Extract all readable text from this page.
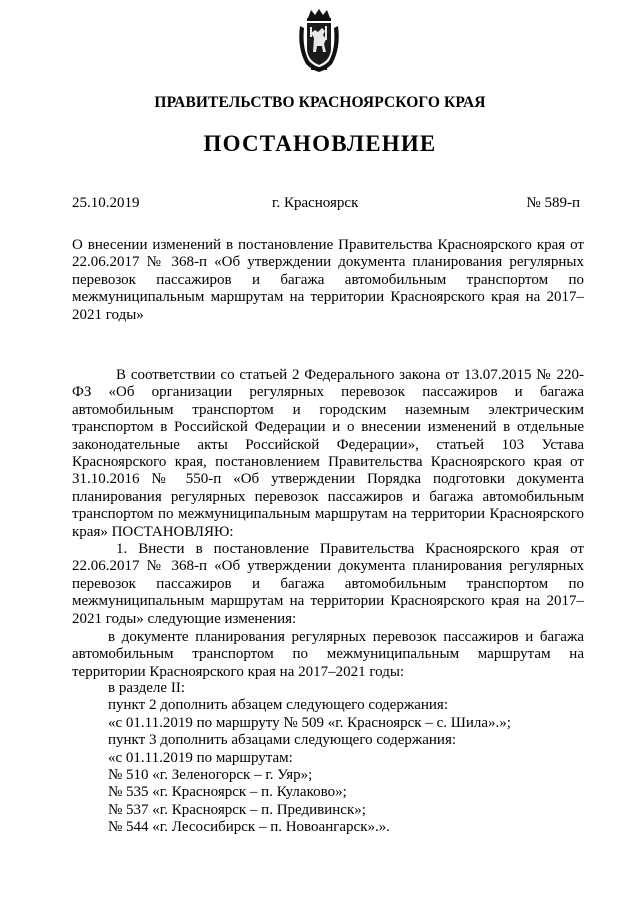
ПРАВИТЕЛЬСТВО КРАСНОЯРСКОГО КРАЯ
ПОСТАНОВЛЕНИЕ
25.10.2019	г. Красноярск	№ 589-п

О внесении изменений в постановление Правительства Красноярского края от 22.06.2017 № 368-п «Об утверждении документа планирования регулярных перевозок пассажиров и багажа автомобильным транспортом по межмуниципальным маршрутам на территории Красноярского края на 2017–2021 годы»

В соответствии со статьей 2 Федерального закона от 13.07.2015 № 220-ФЗ «Об организации регулярных перевозок пассажиров и багажа автомобильным транспортом и городским наземным электрическим транспортом в Российской Федерации и о внесении изменений в отдельные законодательные акты Российской Федерации», статьей 103 Устава Красноярского края, постановлением Правительства Красноярского края от 31.10.2016 № 550-п «Об утверждении Порядка подготовки документа планирования регулярных перевозок пассажиров и багажа автомобильным транспортом по межмуниципальным маршрутам на территории Красноярского края» ПОСТАНОВЛЯЮ:

1. Внести в постановление Правительства Красноярского края от 22.06.2017 № 368-п «Об утверждении документа планирования регулярных перевозок пассажиров и багажа автомобильным транспортом по межмуниципальным маршрутам на территории Красноярского края на 2017–2021 годы» следующие изменения:

в документе планирования регулярных перевозок пассажиров и багажа автомобильным транспортом по межмуниципальным маршрутам на территории Красноярского края на 2017–2021 годы:

в разделе II:
пункт 2 дополнить абзацем следующего содержания:
«с 01.11.2019 по маршруту № 509 «г. Красноярск – с. Шила».»;
пункт 3 дополнить абзацами следующего содержания:
«с 01.11.2019 по маршрутам:
№ 510 «г. Зеленогорск – г. Уяр»;
№ 535 «г. Красноярск – п. Кулаково»;
№ 537 «г. Красноярск – п. Предивинск»;
№ 544 «г. Лесосибирск – п. Новоангарск».».
